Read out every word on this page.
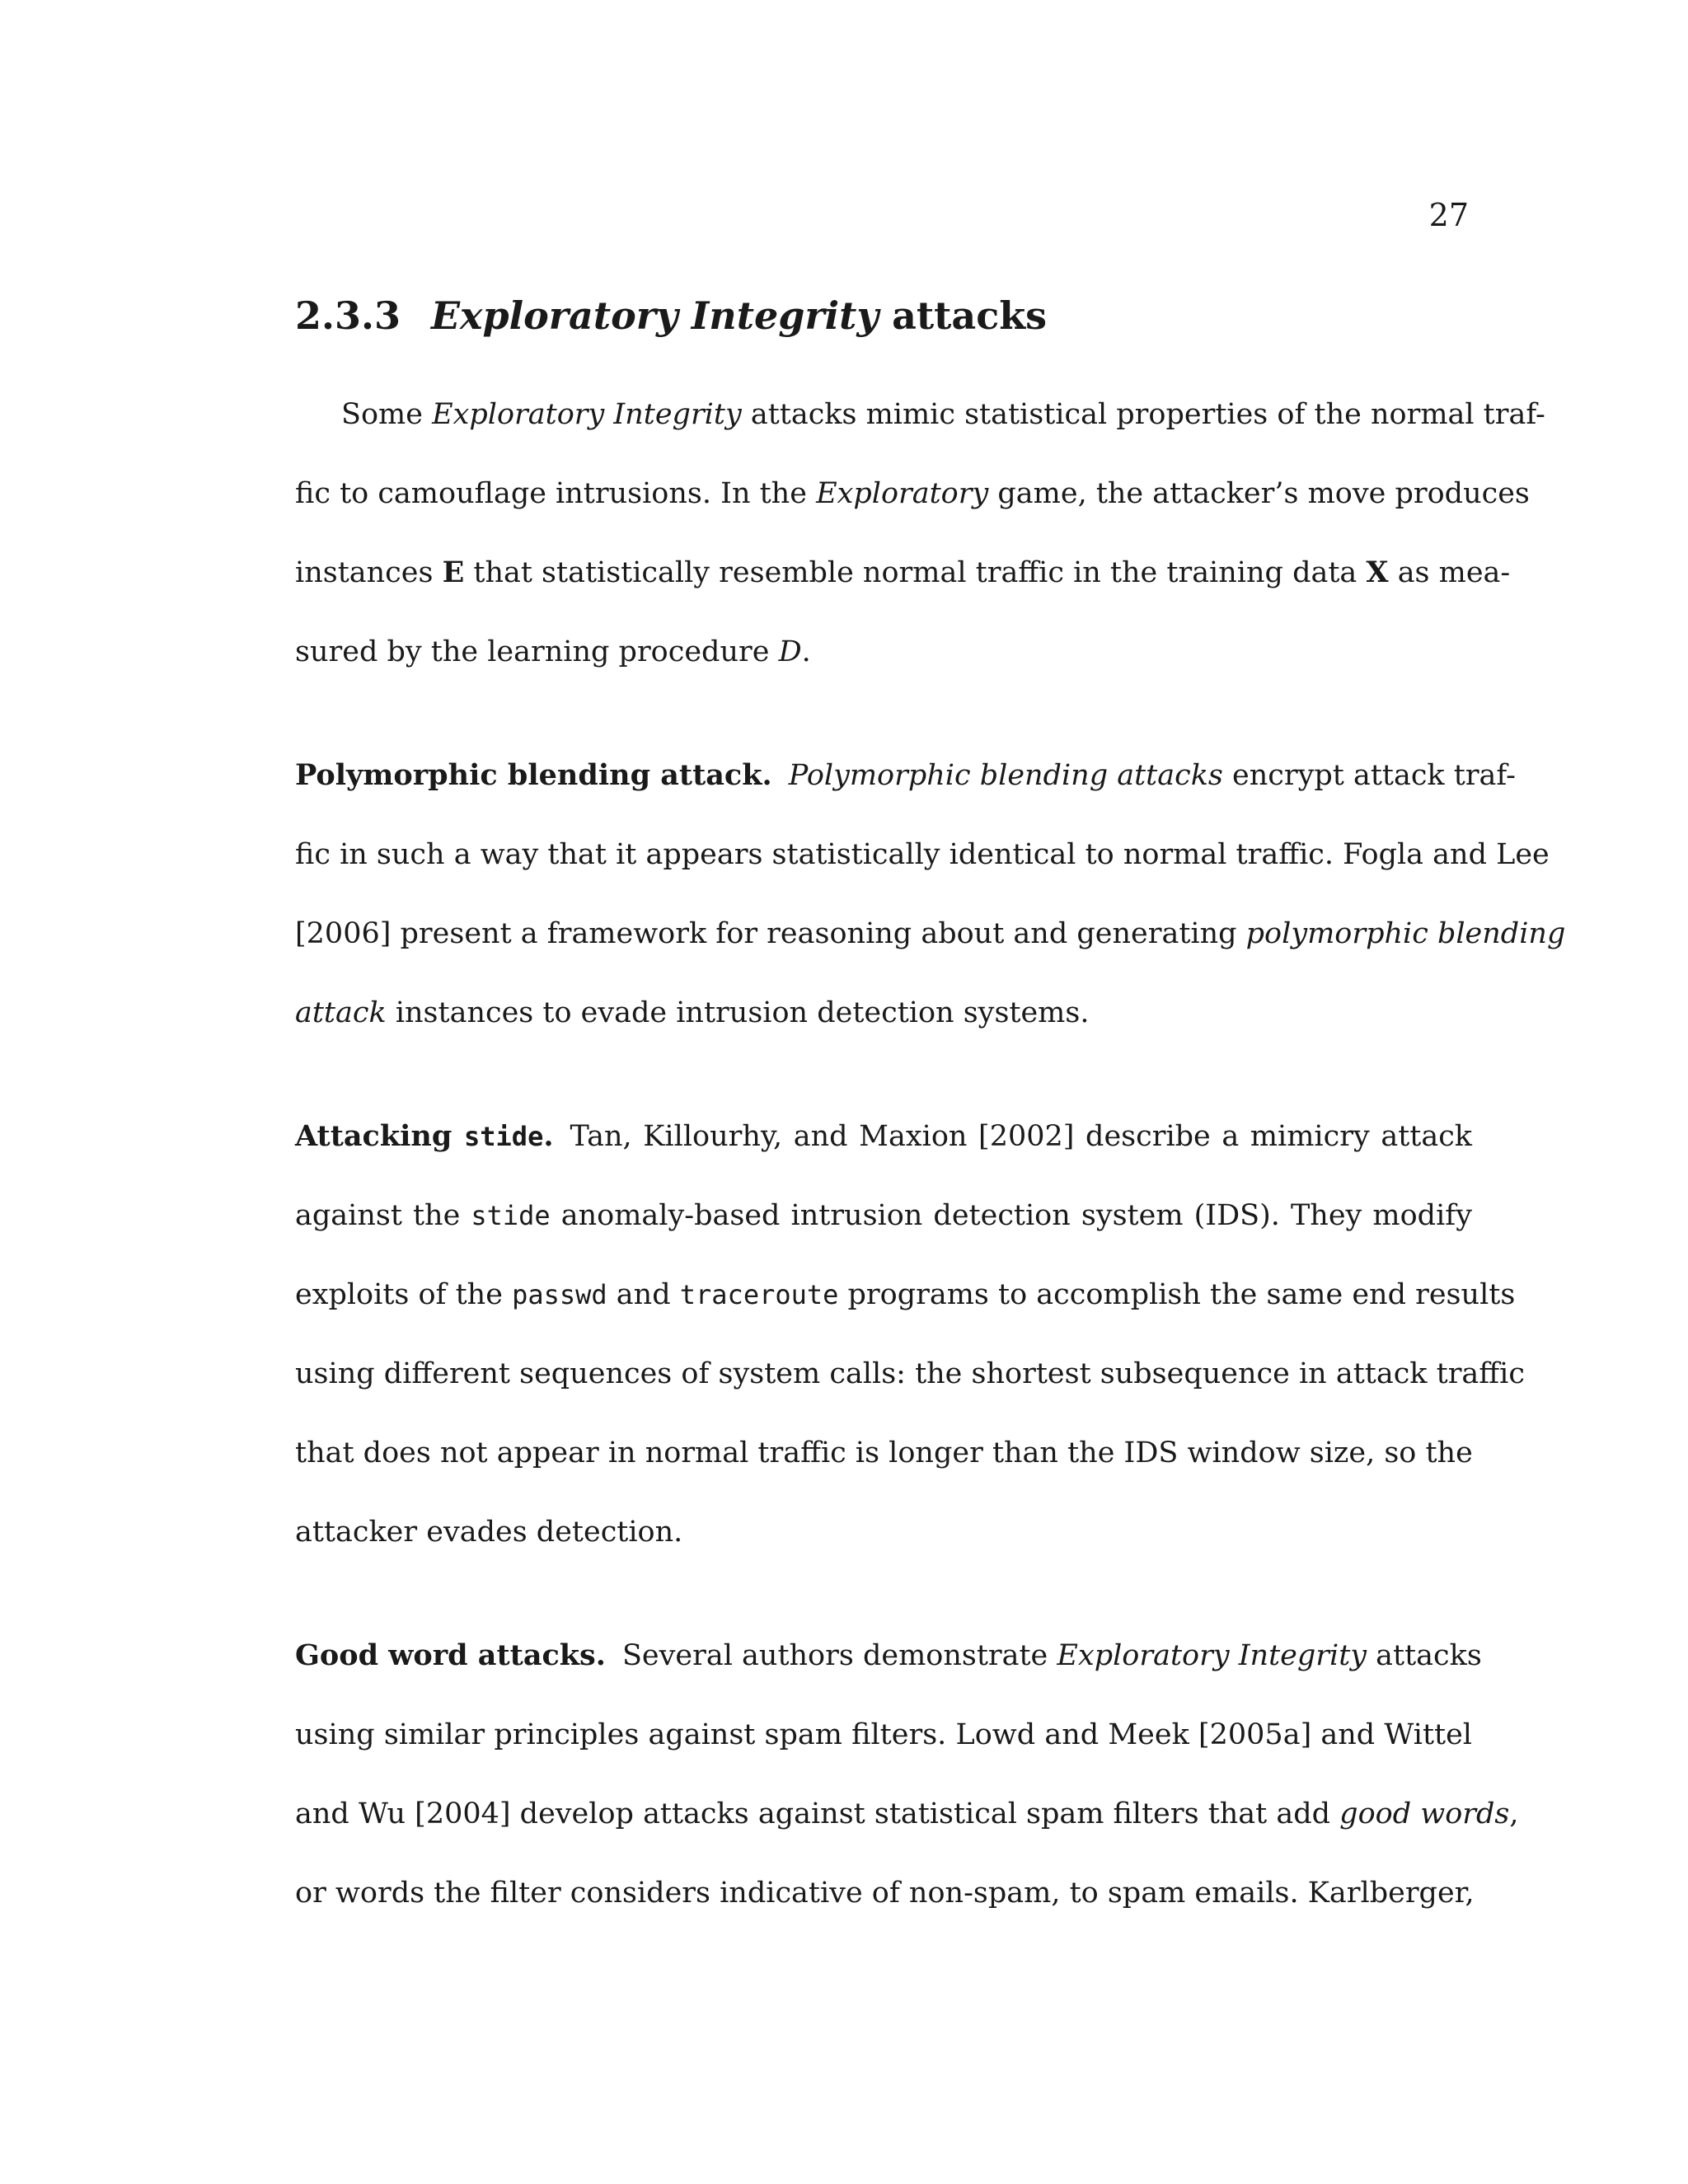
27
2.3.3 Exploratory Integrity attacks
Some Exploratory Integrity attacks mimic statistical properties of the normal traf-
fic to camouflage intrusions. In the Exploratory game, the attacker’s move produces
instances E that statistically resemble normal traffic in the training data X as mea-
sured by the learning procedure D.
Polymorphic blending attack. Polymorphic blending attacks encrypt attack traf-
fic in such a way that it appears statistically identical to normal traffic. Fogla and Lee
[2006] present a framework for reasoning about and generating polymorphic blending
attack instances to evade intrusion detection systems.
Attacking stide. Tan, Killourhy, and Maxion [2002] describe a mimicry attack
against the stide anomaly-based intrusion detection system (IDS). They modify
exploits of the passwd and traceroute programs to accomplish the same end results
using different sequences of system calls: the shortest subsequence in attack traffic
that does not appear in normal traffic is longer than the IDS window size, so the
attacker evades detection.
Good word attacks. Several authors demonstrate Exploratory Integrity attacks
using similar principles against spam filters. Lowd and Meek [2005a] and Wittel
and Wu [2004] develop attacks against statistical spam filters that add good words,
or words the filter considers indicative of non-spam, to spam emails. Karlberger,
